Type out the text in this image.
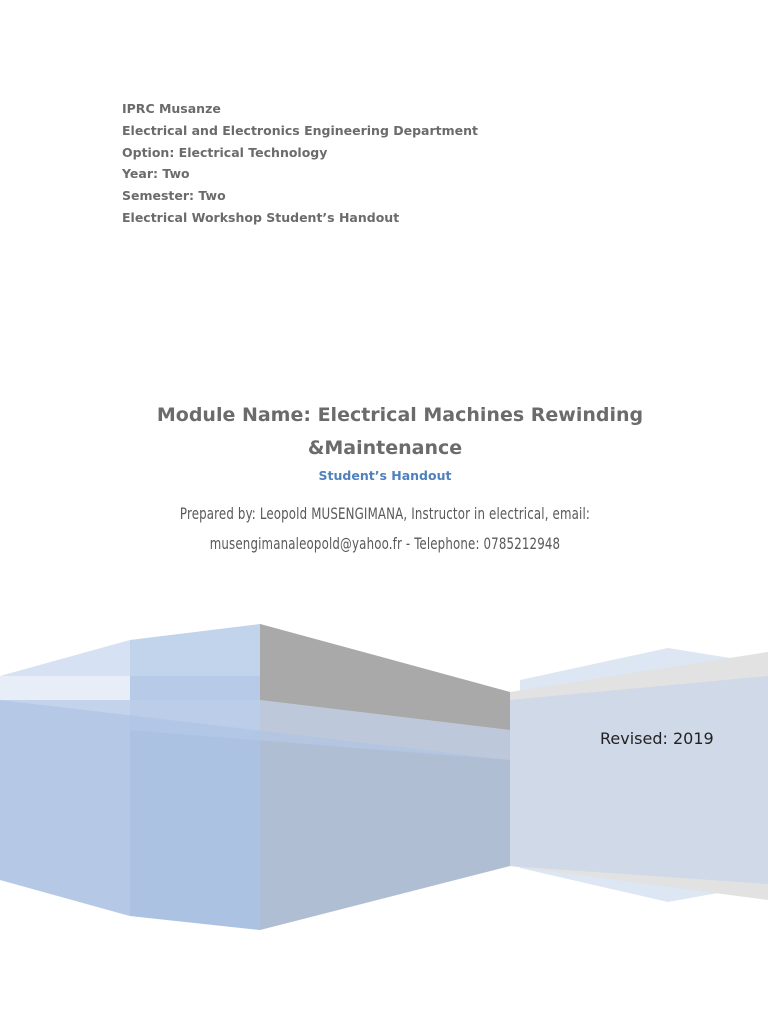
IPRC Musanze
Electrical and Electronics Engineering Department
Option: Electrical Technology
Year: Two
Semester: Two
Electrical Workshop Student’s Handout
Module Name: Electrical Machines Rewinding
&Maintenance
Student’s Handout
Prepared by: Leopold MUSENGIMANA, Instructor in electrical, email:
musengimanaleopold@yahoo.fr - Telephone: 0785212948
Revised: 2019
